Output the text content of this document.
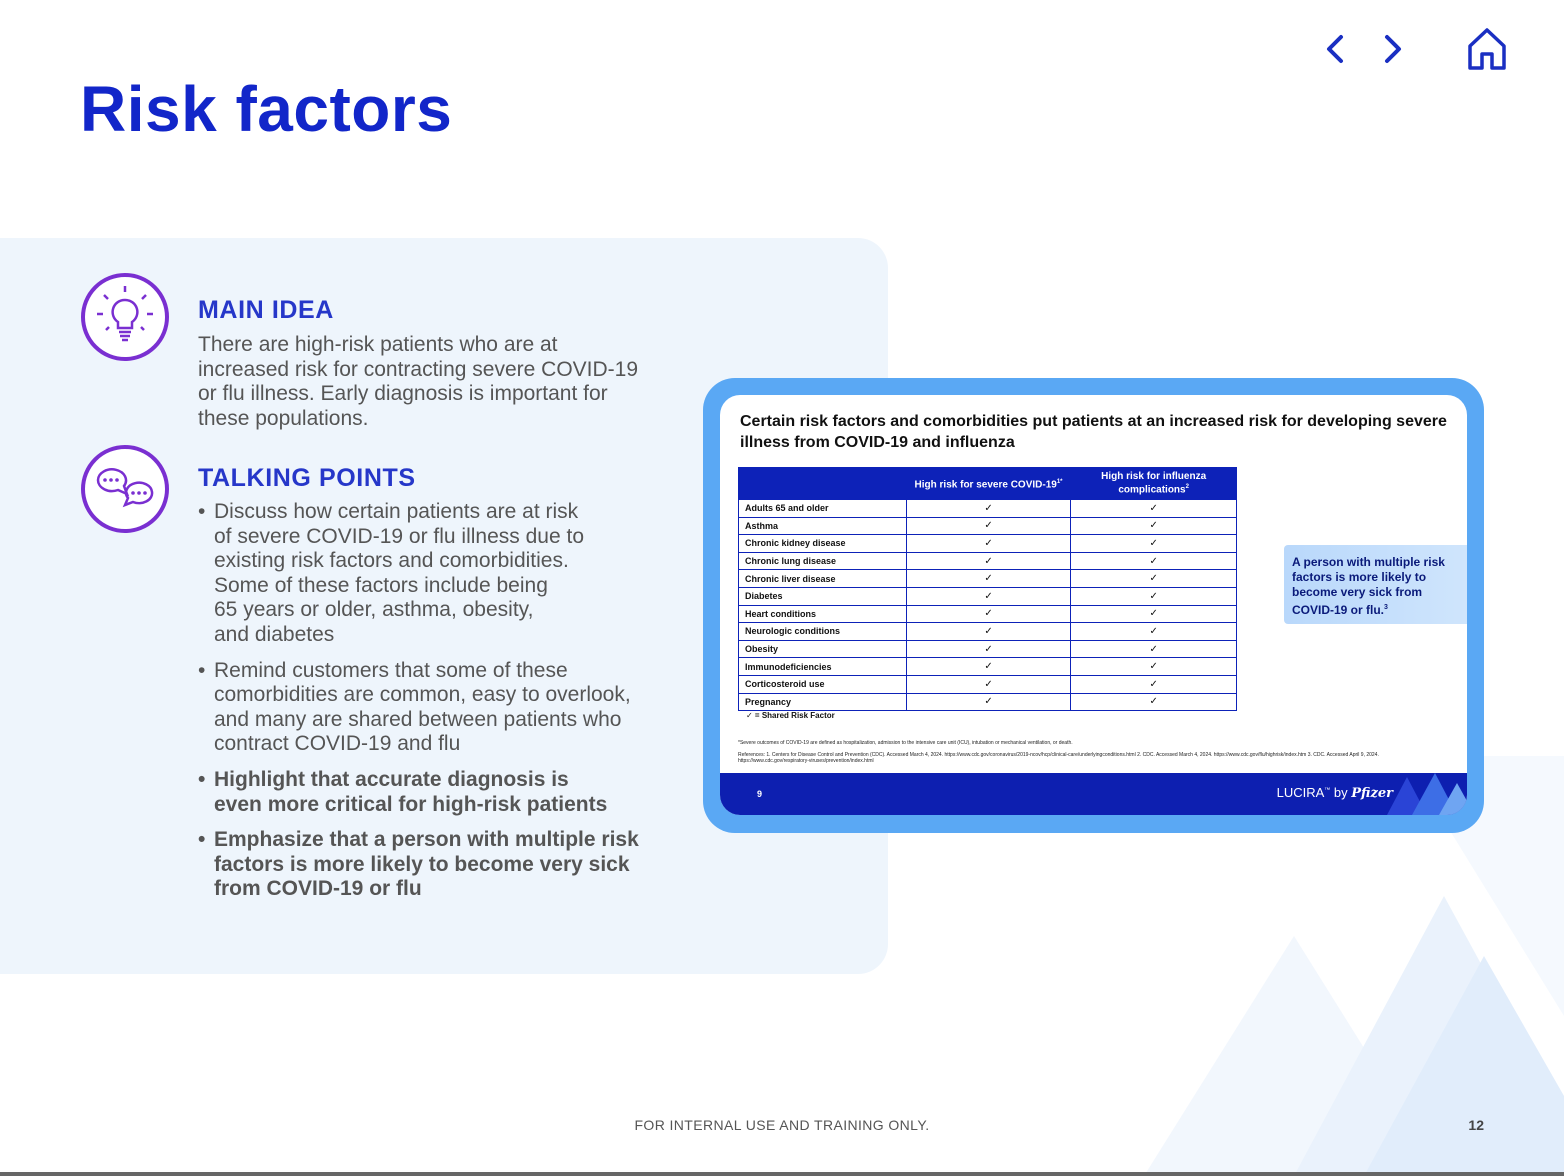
Risk factors
MAIN IDEA
There are high-risk patients who are at
increased risk for contracting severe COVID-19
or flu illness. Early diagnosis is important for
these populations.
TALKING POINTS
• Discuss how certain patients are at risk
of severe COVID-19 or flu illness due to
existing risk factors and comorbidities.
Some of these factors include being
65 years or older, asthma, obesity,
and diabetes
• Remind customers that some of these
comorbidities are common, easy to overlook,
and many are shared between patients who
contract COVID-19 and flu
• Highlight that accurate diagnosis is
even more critical for high-risk patients
• Emphasize that a person with multiple risk
factors is more likely to become very sick
from COVID-19 or flu
Certain risk factors and comorbidities put patients at an increased risk for developing severe illness from COVID-19 and influenza
	High risk for severe COVID-$19^{1*}$	High risk for influenza complications$^2$
Adults 65 and older	✓	✓
Asthma	✓	✓
Chronic kidney disease	✓	✓
Chronic lung disease	✓	✓
Chronic liver disease	✓	✓
Diabetes	✓	✓
Heart conditions	✓	✓
Neurologic conditions	✓	✓
Obesity	✓	✓
Immunodeficiencies	✓	✓
Corticosteroid use	✓	✓
Pregnancy	✓	✓
✓ = Shared Risk Factor
A person with multiple risk factors is more likely to become very sick from COVID-19 or flu.$^3$
*Severe outcomes of COVID-19 are defined as hospitalization, admission to the intensive care unit (ICU), intubation or mechanical ventilation, or death.
References: 1. Centers for Disease Control and Prevention (CDC). Accessed March 4, 2024. https://www.cdc.gov/coronavirus/2019-ncov/hcp/clinical-care/underlyingconditions.html 2. CDC. Accessed March 4, 2024. https://www.cdc.gov/flu/highrisk/index.htm 3. CDC. Accessed April 9, 2024. https://www.cdc.gov/respiratory-viruses/prevention/index.html
9	LUCIRA™ by Pfizer
FOR INTERNAL USE AND TRAINING ONLY.	12
